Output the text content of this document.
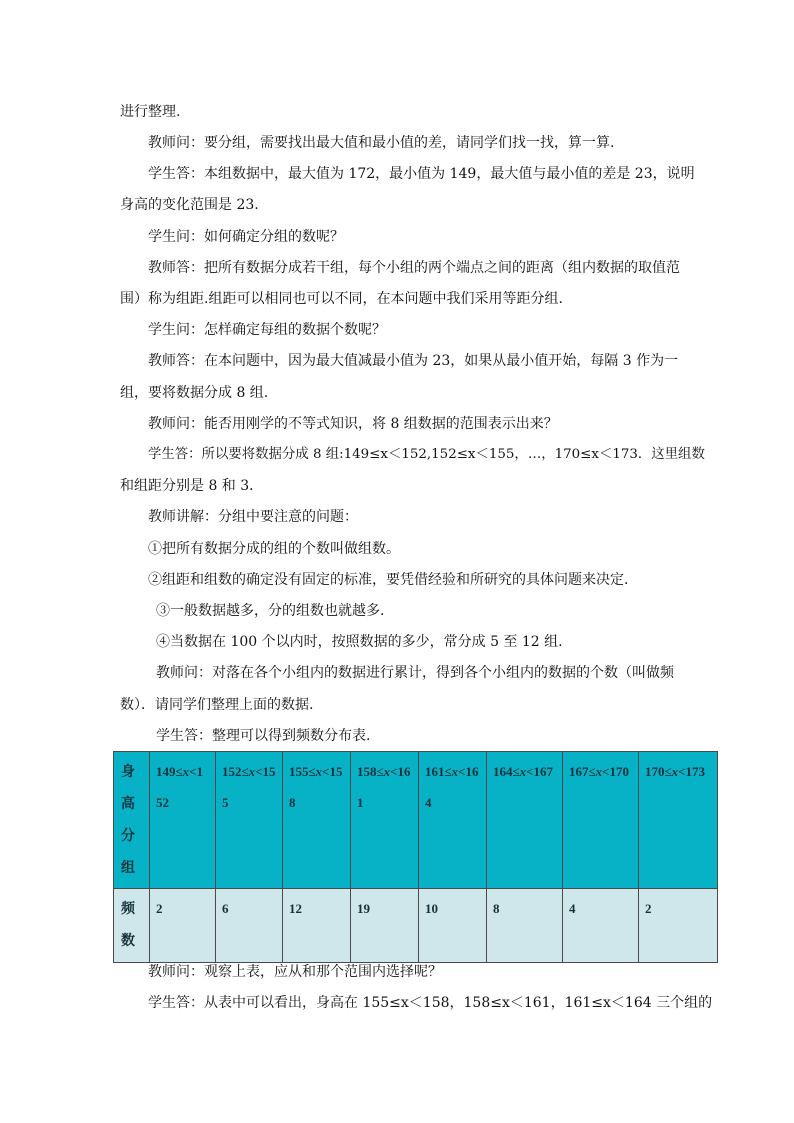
进行整理.
教师问：要分组，需要找出最大值和最小值的差，请同学们找一找，算一算.
学生答：本组数据中，最大值为 172，最小值为 149，最大值与最小值的差是 23，说明
身高的变化范围是 23.
学生问：如何确定分组的数呢？
教师答：把所有数据分成若干组，每个小组的两个端点之间的距离（组内数据的取值范
围）称为组距.组距可以相同也可以不同，在本问题中我们采用等距分组.
学生问：怎样确定每组的数据个数呢？
教师答：在本问题中，因为最大值减最小值为 23，如果从最小值开始，每隔 3 作为一
组，要将数据分成 8 组.
教师问：能否用刚学的不等式知识，将 8 组数据的范围表示出来？
学生答：所以要将数据分成 8 组:149≤x＜152,152≤x＜155，…，170≤x＜173．这里组数
和组距分别是 8 和 3．
教师讲解：分组中要注意的问题：
①把所有数据分成的组的个数叫做组数。
②组距和组数的确定没有固定的标准，要凭借经验和所研究的具体问题来决定.
③一般数据越多，分的组数也就越多.
④当数据在 100 个以内时，按照数据的多少，常分成 5 至 12 组.
教师问：对落在各个小组内的数据进行累计，得到各个小组内的数据的个数（叫做频
数）．请同学们整理上面的数据.
学生答：整理可以得到频数分布表.
身高分组	149≤x<152	152≤x<155	155≤x<158	158≤x<161	161≤x<164	164≤x<167	167≤x<170	170≤x<173
频数	2	6	12	19	10	8	4	2
教师问：观察上表，应从和那个范围内选择呢？
学生答：从表中可以看出，身高在 155≤x＜158，158≤x＜161，161≤x＜164 三个组的
